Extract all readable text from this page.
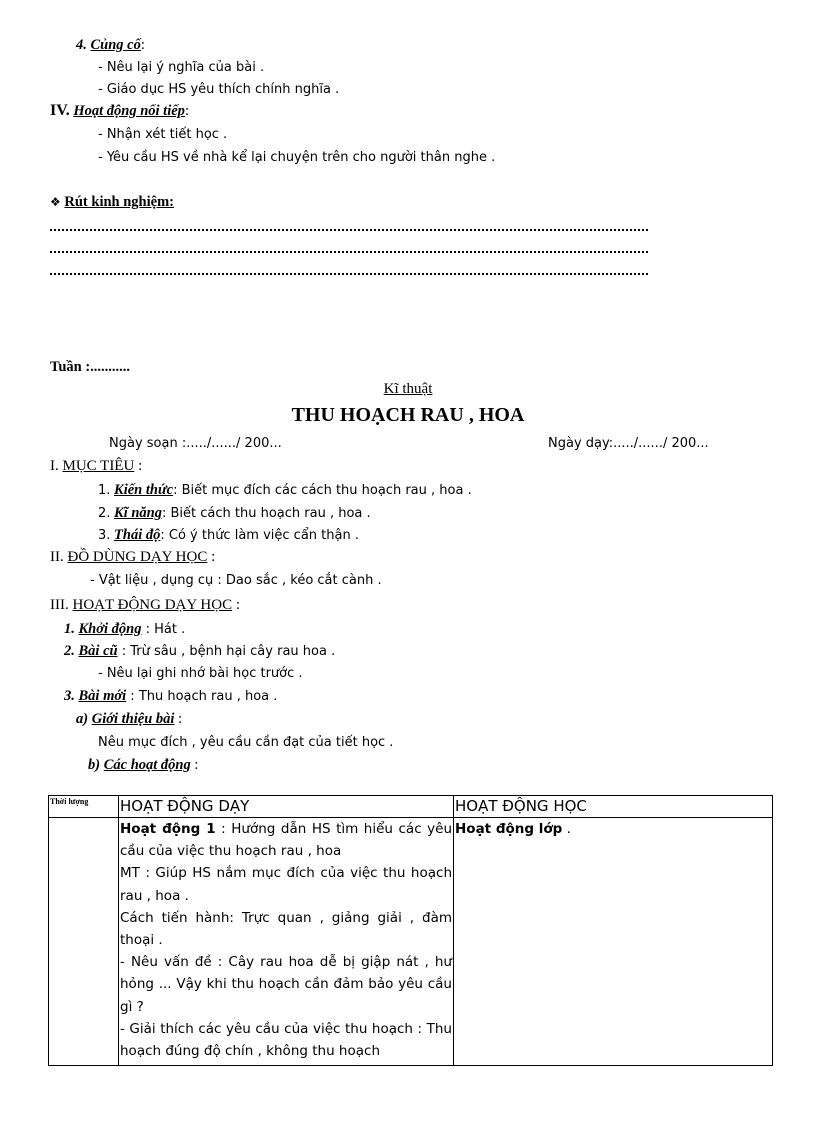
4. Củng cố:
- Nêu lại ý nghĩa của bài .
- Giáo dục HS yêu thích chính nghĩa .
IV. Hoạt động nối tiếp:
- Nhận xét tiết học .
- Yêu cầu HS về nhà kể lại chuyện trên cho người thân nghe .
❖ Rút kinh nghiệm:
Tuần :...........
Kĩ thuật
THU HOẠCH RAU , HOA
Ngày soạn :...../....../ 200...	Ngày dạy:...../....../ 200...
I. MỤC TIÊU :
1. Kiến thức: Biết mục đích các cách thu hoạch rau , hoa .
2. Kĩ năng: Biết cách thu hoạch rau , hoa .
3. Thái độ: Có ý thức làm việc cẩn thận .
II. ĐỒ DÙNG DẠY HỌC :
- Vật liệu , dụng cụ : Dao sắc , kéo cắt cành .
III. HOẠT ĐỘNG DẠY HỌC :
1. Khởi động : Hát .
2. Bài cũ : Trừ sâu , bệnh hại cây rau hoa .
- Nêu lại ghi nhớ bài học trước .
3. Bài mới : Thu hoạch rau , hoa .
a) Giới thiệu bài :
Nêu mục đích , yêu cầu cần đạt của tiết học .
b) Các hoạt động :
Thời lượng	HOẠT ĐỘNG DẠY	HOẠT ĐỘNG HỌC

	Hoạt động 1 : Hướng dẫn HS tìm hiểu các yêu cầu của việc thu hoạch rau , hoa

MT : Giúp HS nắm mục đích của việc thu hoạch rau , hoa .

Cách tiến hành: Trực quan , giảng giải , đàm thoại .

- Nêu vấn đề : Cây rau hoa dễ bị giập nát , hư hỏng ... Vậy khi thu hoạch cần đảm bảo yêu cầu gì ?

- Giải thích các yêu cầu của việc thu hoạch : Thu hoạch đúng độ chín , không thu hoạch	Hoạt động lớp .
